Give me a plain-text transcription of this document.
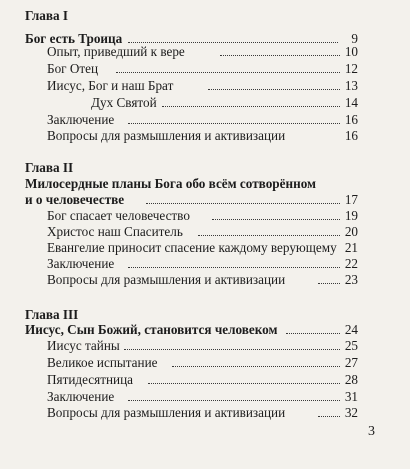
Глава I
Бог есть Троица	9
Опыт, приведший к вере	10
Бог Отец	12
Иисус, Бог и наш Брат	13
Дух Святой	14
Заключение	16
Вопросы для размышления и активизации	16
Глава II
Милосердные планы Бога обо всём сотворённом
и о человечестве	17
Бог спасает человечество	19
Христос наш Спаситель	20
Евангелие приносит спасение каждому верующему 21
Заключение	22
Вопросы для размышления и активизации	23
Глава III
Иисус, Сын Божий, становится человеком	24
Иисус тайны	25
Великое испытание	27
Пятидесятница	28
Заключение	31
Вопросы для размышления и активизации	32
3
